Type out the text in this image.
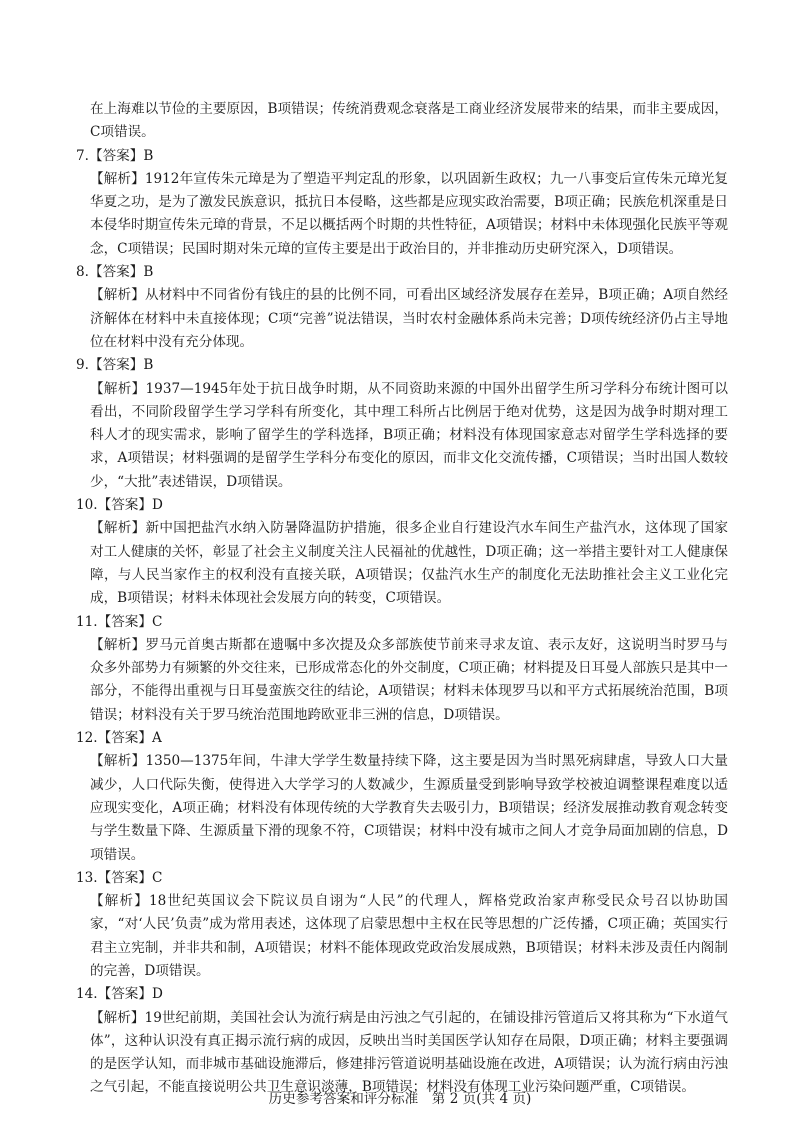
在上海难以节俭的主要原因，B项错误；传统消费观念衰落是工商业经济发展带来的结果，而非主要成因，C项错误。

7.【答案】B

【解析】1912年宣传朱元璋是为了塑造平判定乱的形象，以巩固新生政权；九一八事变后宣传朱元璋光复华夏之功，是为了激发民族意识，抵抗日本侵略，这些都是应现实政治需要，B项正确；民族危机深重是日本侵华时期宣传朱元璋的背景，不足以概括两个时期的共性特征，A项错误；材料中未体现强化民族平等观念，C项错误；民国时期对朱元璋的宣传主要是出于政治目的，并非推动历史研究深入，D项错误。

8.【答案】B

【解析】从材料中不同省份有钱庄的县的比例不同，可看出区域经济发展存在差异，B项正确；A项自然经济解体在材料中未直接体现；C项“完善”说法错误，当时农村金融体系尚未完善；D项传统经济仍占主导地位在材料中没有充分体现。

9.【答案】B

【解析】1937—1945年处于抗日战争时期，从不同资助来源的中国外出留学生所习学科分布统计图可以看出，不同阶段留学生学习学科有所变化，其中理工科所占比例居于绝对优势，这是因为战争时期对理工科人才的现实需求，影响了留学生的学科选择，B项正确；材料没有体现国家意志对留学生学科选择的要求，A项错误；材料强调的是留学生学科分布变化的原因，而非文化交流传播，C项错误；当时出国人数较少，“大批”表述错误，D项错误。

10.【答案】D

【解析】新中国把盐汽水纳入防暑降温防护措施，很多企业自行建设汽水车间生产盐汽水，这体现了国家对工人健康的关怀，彰显了社会主义制度关注人民福祉的优越性，D项正确；这一举措主要针对工人健康保障，与人民当家作主的权利没有直接关联，A项错误；仅盐汽水生产的制度化无法助推社会主义工业化完成，B项错误；材料未体现社会发展方向的转变，C项错误。

11.【答案】C

【解析】罗马元首奥古斯都在遗嘱中多次提及众多部族使节前来寻求友谊、表示友好，这说明当时罗马与众多外部势力有频繁的外交往来，已形成常态化的外交制度，C项正确；材料提及日耳曼人部族只是其中一部分，不能得出重视与日耳曼蛮族交往的结论，A项错误；材料未体现罗马以和平方式拓展统治范围，B项错误；材料没有关于罗马统治范围地跨欧亚非三洲的信息，D项错误。

12.【答案】A

【解析】1350—1375年间，牛津大学学生数量持续下降，这主要是因为当时黑死病肆虐，导致人口大量减少，人口代际失衡，使得进入大学学习的人数减少，生源质量受到影响导致学校被迫调整课程难度以适应现实变化，A项正确；材料没有体现传统的大学教育失去吸引力，B项错误；经济发展推动教育观念转变与学生数量下降、生源质量下滑的现象不符，C项错误；材料中没有城市之间人才竞争局面加剧的信息，D项错误。

13.【答案】C

【解析】18世纪英国议会下院议员自诩为“人民”的代理人，辉格党政治家声称受民众号召以协助国家，“对‘人民’负责”成为常用表述，这体现了启蒙思想中主权在民等思想的广泛传播，C项正确；英国实行君主立宪制，并非共和制，A项错误；材料不能体现政党政治发展成熟，B项错误；材料未涉及责任内阁制的完善，D项错误。

14.【答案】D

【解析】19世纪前期，美国社会认为流行病是由污浊之气引起的，在铺设排污管道后又将其称为“下水道气体”，这种认识没有真正揭示流行病的成因，反映出当时美国医学认知存在局限，D项正确；材料主要强调的是医学认知，而非城市基础设施滞后，修建排污管道说明基础设施在改进，A项错误；认为流行病由污浊之气引起，不能直接说明公共卫生意识淡薄，B项错误；材料没有体现工业污染问题严重，C项错误。

历史参考答案和评分标准　第 2 页(共 4 页)
